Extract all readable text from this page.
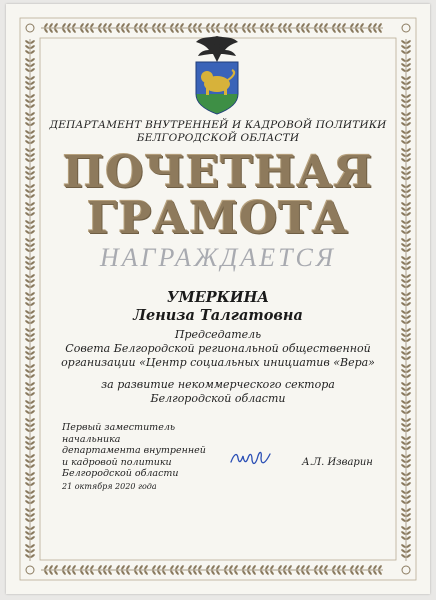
ДЕПАРТАМЕНТ ВНУТРЕННЕЙ И КАДРОВОЙ ПОЛИТИКИ
БЕЛГОРОДСКОЙ ОБЛАСТИ
ПОЧЕТНАЯ
ГРАМОТА
НАГРАЖДАЕТСЯ
УМЕРКИНА
Лениза Талгатовна
Председатель
Совета Белгородской региональной общественной
организации «Центр социальных инициатив «Вера»
за развитие некоммерческого сектора
Белгородской области
Первый заместитель начальника
департамента внутренней
и кадровой политики
Белгородской области
А.Л. Изварин
21 октября 2020 года
